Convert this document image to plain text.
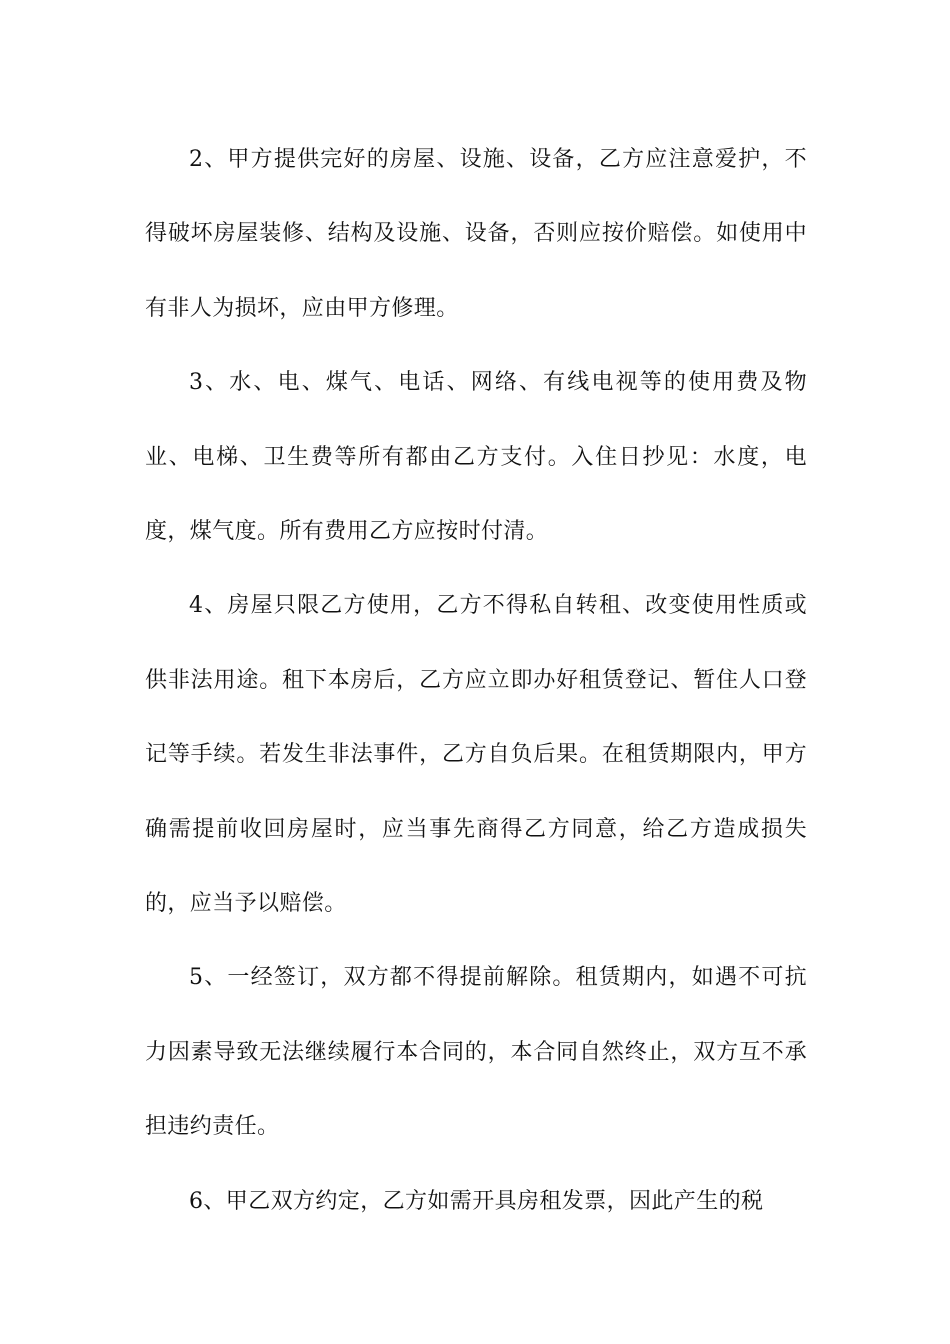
2、甲方提供完好的房屋、设施、设备，乙方应注意爱护，不得破坏房屋装修、结构及设施、设备，否则应按价赔偿。如使用中有非人为损坏，应由甲方修理。

3、水、电、煤气、电话、网络、有线电视等的使用费及物业、电梯、卫生费等所有都由乙方支付。入住日抄见：水度，电度，煤气度。所有费用乙方应按时付清。

4、房屋只限乙方使用，乙方不得私自转租、改变使用性质或供非法用途。租下本房后，乙方应立即办好租赁登记、暂住人口登记等手续。若发生非法事件，乙方自负后果。在租赁期限内，甲方确需提前收回房屋时，应当事先商得乙方同意，给乙方造成损失的，应当予以赔偿。

5、一经签订，双方都不得提前解除。租赁期内，如遇不可抗力因素导致无法继续履行本合同的，本合同自然终止，双方互不承担违约责任。

6、甲乙双方约定，乙方如需开具房租发票，因此产生的税
